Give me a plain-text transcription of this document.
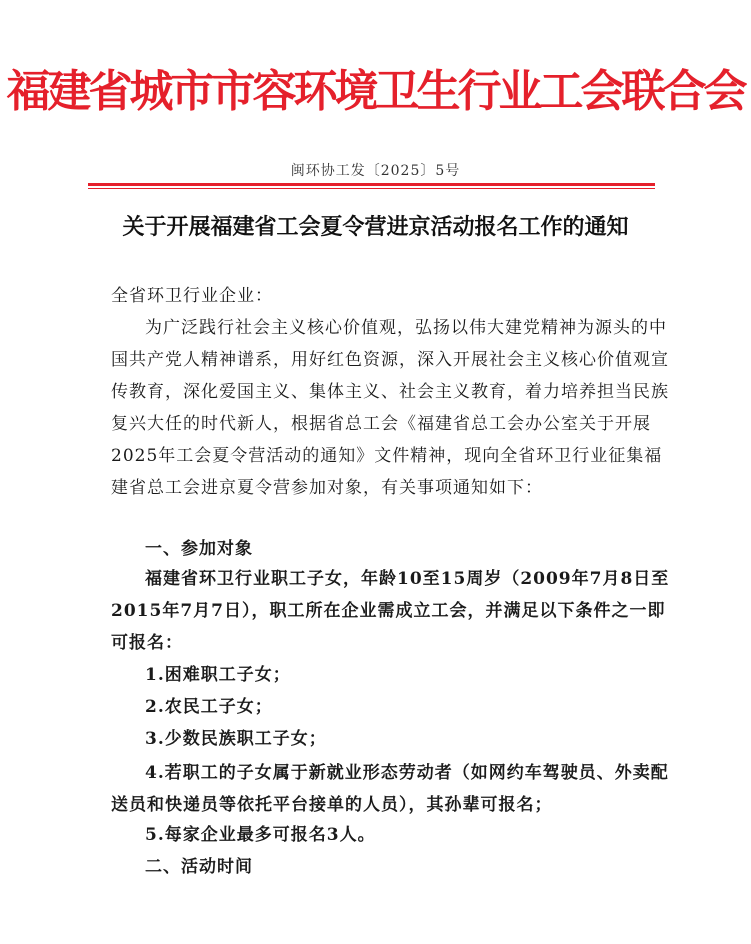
福建省城市市容环境卫生行业工会联合会
闽环协工发〔2025〕5号
关于开展福建省工会夏令营进京活动报名工作的通知
全省环卫行业企业：
为广泛践行社会主义核心价值观，弘扬以伟大建党精神为源头的中国共产党人精神谱系，用好红色资源，深入开展社会主义核心价值观宣传教育，深化爱国主义、集体主义、社会主义教育，着力培养担当民族复兴大任的时代新人，根据省总工会《福建省总工会办公室关于开展2025年工会夏令营活动的通知》文件精神，现向全省环卫行业征集福建省总工会进京夏令营参加对象，有关事项通知如下：
一、参加对象
福建省环卫行业职工子女，年龄10至15周岁（2009年7月8日至2015年7月7日），职工所在企业需成立工会，并满足以下条件之一即可报名：
1.困难职工子女；
2.农民工子女；
3.少数民族职工子女；
4.若职工的子女属于新就业形态劳动者（如网约车驾驶员、外卖配送员和快递员等依托平台接单的人员），其孙辈可报名；
5.每家企业最多可报名3人。
二、活动时间
